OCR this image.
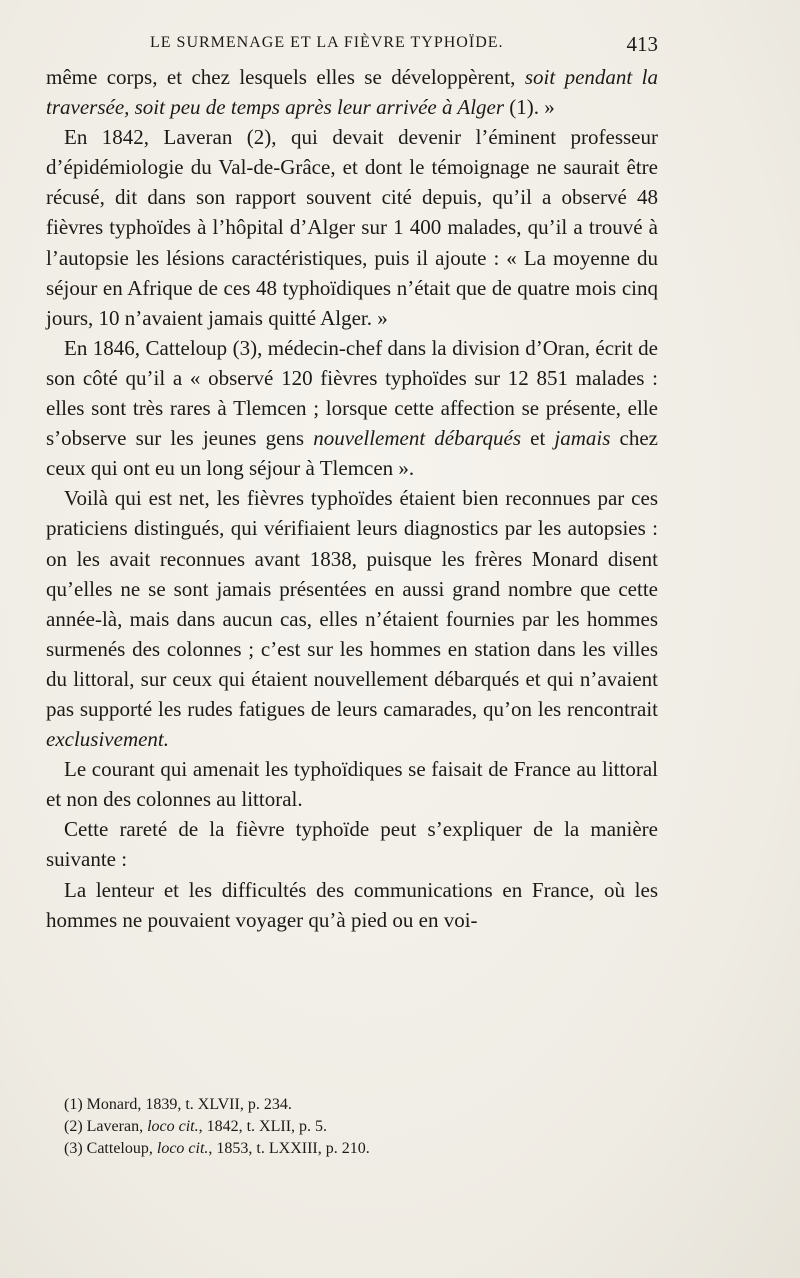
LE SURMENAGE ET LA FIÈVRE TYPHOÏDE.	413

même corps, et chez lesquels elles se développèrent, soit pendant la traversée, soit peu de temps après leur arrivée à Alger (1). »

En 1842, Laveran (2), qui devait devenir l’éminent professeur d’épidémiologie du Val-de-Grâce, et dont le témoignage ne saurait être récusé, dit dans son rapport souvent cité depuis, qu’il a observé 48 fièvres typhoïdes à l’hôpital d’Alger sur 1 400 malades, qu’il a trouvé à l’autopsie les lésions caractéristiques, puis il ajoute : « La moyenne du séjour en Afrique de ces 48 typhoïdiques n’était que de quatre mois cinq jours, 10 n’avaient jamais quitté Alger. »

En 1846, Catteloup (3), médecin-chef dans la division d’Oran, écrit de son côté qu’il a « observé 120 fièvres typhoïdes sur 12 851 malades : elles sont très rares à Tlemcen ; lorsque cette affection se présente, elle s’observe sur les jeunes gens nouvellement débarqués et jamais chez ceux qui ont eu un long séjour à Tlemcen ».

Voilà qui est net, les fièvres typhoïdes étaient bien reconnues par ces praticiens distingués, qui vérifiaient leurs diagnostics par les autopsies : on les avait reconnues avant 1838, puisque les frères Monard disent qu’elles ne se sont jamais présentées en aussi grand nombre que cette année-là, mais dans aucun cas, elles n’étaient fournies par les hommes surmenés des colonnes ; c’est sur les hommes en station dans les villes du littoral, sur ceux qui étaient nouvellement débarqués et qui n’avaient pas supporté les rudes fatigues de leurs camarades, qu’on les rencontrait exclusivement.

Le courant qui amenait les typhoïdiques se faisait de France au littoral et non des colonnes au littoral.

Cette rareté de la fièvre typhoïde peut s’expliquer de la manière suivante :

La lenteur et les difficultés des communications en France, où les hommes ne pouvaient voyager qu’à pied ou en voi-

(1) Monard, 1839, t. XLVII, p. 234.

(2) Laveran, loco cit., 1842, t. XLII, p. 5.

(3) Catteloup, loco cit., 1853, t. LXXIII, p. 210.
